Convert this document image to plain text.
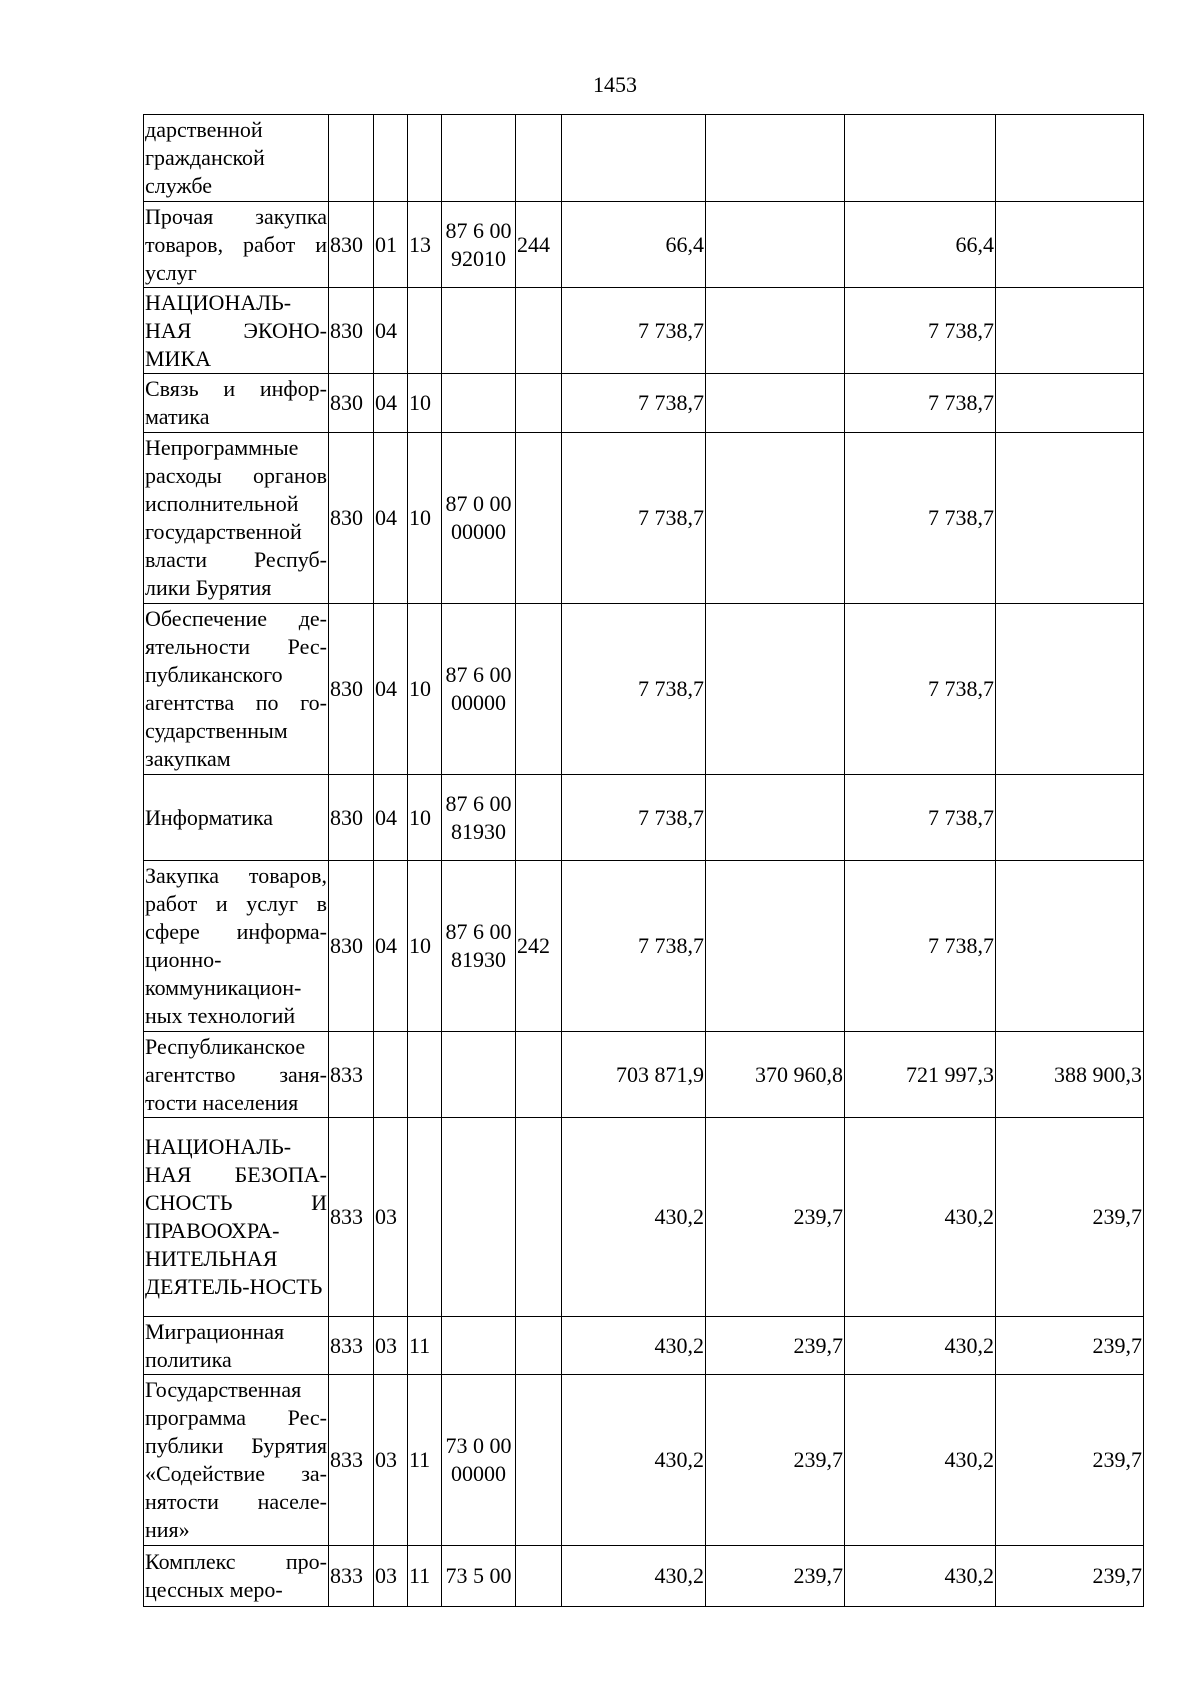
1453
дарственной гражданской службе									
Прочая закупка товаров, работ и услуг	830	01	13	87 6 00 92010	244	66,4		66,4	
НАЦИОНАЛЬ-НАЯ ЭКОНО-МИКА	830	04				7 738,7		7 738,7	
Связь и инфор-матика	830	04	10			7 738,7		7 738,7	
Непрограммные расходы органов исполнительной государственной власти Респуб-лики Бурятия	830	04	10	87 0 00 00000		7 738,7		7 738,7	
Обеспечение де-ятельности Рес-публиканского агентства по го-сударственным закупкам	830	04	10	87 6 00 00000		7 738,7		7 738,7	
Информатика	830	04	10	87 6 00 81930		7 738,7		7 738,7	
Закупка товаров, работ и услуг в сфере информа-ционно-коммуникацион-ных технологий	830	04	10	87 6 00 81930	242	7 738,7		7 738,7	
Республиканское агентство заня-тости населения	833					703 871,9	370 960,8	721 997,3	388 900,3
НАЦИОНАЛЬ-НАЯ БЕЗОПА-СНОСТЬ И ПРАВООХРА-НИТЕЛЬНАЯ ДЕЯТЕЛЬ-НОСТЬ	833	03				430,2	239,7	430,2	239,7
Миграционная политика	833	03	11			430,2	239,7	430,2	239,7
Государственная программа Рес-публики Бурятия «Содействие за-нятости населе-ния»	833	03	11	73 0 00 00000		430,2	239,7	430,2	239,7
Комплекс про-цессных меро-	833	03	11	73 5 00		430,2	239,7	430,2	239,7
